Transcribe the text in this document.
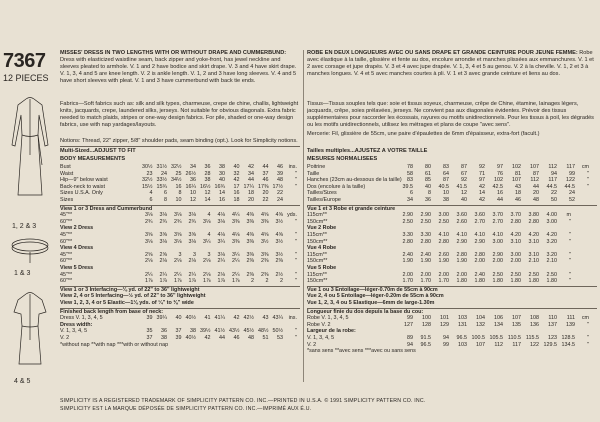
7367
12 PIECES
1, 2 & 3
1 & 3
4 & 5
MISSES' DRESS IN TWO LENGTHS WITH OR WITHOUT DRAPE AND CUMMERBUND: Dress with elasticized waistline seam, back zipper and yoke-front, has jewel neckline and sleeves pleated to armhole. V. 1 and 2 have bodice and skirt drape. V. 3 and 4 have skirt drape. V. 1, 3, 4 and 5 are knee length. V. 2 is ankle length. V. 1, 2 and 3 have long sleeves. V. 4 and 5 have short sleeves with pleat. V. 1 and 3 have cummerbund with back tie ends.
Fabrics—Soft fabrics such as: silk and silk types, charmeuse, crepe de chine, challis, lightweight knits, jacquards, crepe, laundered silks, jerseys. Not suitable for obvious diagonals. Extra fabric needed to match plaids, stripes or one-way design fabrics. For pile, shaded or one-way design fabrics, use with nap yardages/layouts.
Notions: Thread, 22" zipper, 5/8" shoulder pads, seam binding (opt.). Look for Simplicity notions.
Multi-Sized...ADJUST TO FIT
BODY MEASUREMENTS
Bust	30½ 31½ 32½ 34 36 38 40 42 44 46 ins.
Waist	23 24 25 26½ 28 30 32 34 37 39 "
Hip—9" below waist	32½ 33½ 34½ 36 38 40 42 44 46 48 "
Back-neck to waist	15½ 15¾ 16 16¼ 16½ 16¾ 17 17¼ 17⅜ 17½ "
Sizes U.S.A. Only	4 6 8 10 12 14 16 18 20 22
Sizes	6 8 10 12 14 16 18 20 22 24
View 1 or 3 Dress and Cummerbund
45"**	3⅛ 3⅛ 3⅛ 3⅛ 4 4⅛ 4¼ 4⅜ 4⅝ 4⅝ yds.
60"**	2¾ 2¾ 2¾ 2¾ 3⅛ 3⅛ 3⅜ 3⅜ 3⅜ 3½ "
View 2 Dress
45"**	3⅝ 3⅝ 3⅝ 3⅝ 4 4⅛ 4⅛ 4⅜ 4⅝ 4⅝ "
60"**	3⅛ 3⅛ 3⅛ 3⅛ 3¼ 3¼ 3⅜ 3⅜ 3½ 3½ "
View 4 Dress
45"**	2⅝ 2⅝ 3 3 3 3⅛ 3¼ 3⅜ 3⅜ 3½ "
60"**	2⅛ 2⅛ 2⅛ 2⅛ 2⅛ 2¼ 2¼ 2⅜ 2⅜ 2⅜ "
View 5 Dress
45"**	2¼ 2¼ 2¼ 2¼ 2⅛ 2⅛ 2¼ 2⅜ 2⅜ 2½ "
60"**	1⅞ 1⅞ 1⅞ 1⅞ 1⅞ 1⅞ 1⅞ 2 2 2 "
View 1 or 3 Interfacing—⅛ yd. of 22" to 36" lightweight
View 2, 4 or 5 Interfacing—½ yd. of 22" to 36" lightweight
View 1, 2, 3, 4 or 5 Elastic—1⅛ yds. of ¼" to ⅜" wide
Finished back length from base of neck:
Dress V. 1, 3, 4, 5	39 39¼ 40 40½ 41 41¼ 42 42½ 43 43¼ ins.
Dress width:
V. 1, 3, 4, 5	35 36 37 38 39½ 41½ 43½ 45½ 48½ 50½ "
V. 2	37 38 39 40½ 42 44 46 48 51 53 "
*without nap **with nap ***with or without nap
ROBE EN DEUX LONGUEURS AVEC OU SANS DRAPE ET GRANDE CEINTURE POUR JEUNE FEMME: Robe avec élastique à la taille, glissière et fente au dos, encolure arrondie et manches plissées aux emmanchures. V. 1 et 2 avec corsage et jupe drapés. V. 3 et 4 avec jupe drapée. V. 1, 3, 4 et 5 au genou. V. 2 à la cheville. V. 1, 2 et 3 à manches longues. V. 4 et 5 avec manches courtes à pli. V. 1 et 3 avec grande ceinture et liens au dos.
Tissus—Tissus souples tels que: soie et tissus soyeux, charmeuse, crêpe de Chine, étamine, lainages légers, jacquards, crêpe, soies prélavées, jerseys. Ne convient pas aux diagonales évidentes. Prévoir des tissus supplémentaires pour raccorder les écossais, rayures ou motifs unidirectionnels. Pour les tissus à poil, les dégradés ou les motifs unidirectionnels, utilisez les métrages et plans de coupe "avec sens".
Mercerie: Fil, glissière de 55cm, une paire d'épaulettes de 6mm d'épaisseur, extra-fort (facult.)
Tailles multiples...AJUSTEZ À VOTRE TAILLE
MESURES NORMALISEES
Poitrine	78 80 83 87 92 97 102 107 112 117 cm
Taille	58 61 64 67 71 76 81 87 94 99 "
Hanches (23cm au-dessous de la taille) 83 85 87 92 97 102 107 112 117 122 "
Dos (encolure à la taille)	39.5 40 40.5 41.5 42 42.5 43 44 44.5 44.5 "
Tailles/Sizes	6	8 10 12 14 16 18 20 22 24
Tailles/Europe	34 36 38 40 42 44 46 48 50 52
Vue 1 et 3 Robe et grande ceinture
115cm**	2.90 2.90 3.00 3.60 3.60 3.70 3.70 3.80 4.00 m
150cm**	2.50 2.50 2.50 2.60 2.70 2.70 2.80 2.80 3.00 "
Vue 2 Robe
115cm**	3.30 3.30 4.10 4.10 4.10 4.10 4.20 4.20 4.20 "
150cm**	2.80 2.80 2.80 2.90 2.90 3.00 3.10 3.10 3.20 "
Vue 4 Robe
115cm**	2.40 2.40 2.60 2.80 2.80 2.90 3.00 3.10 3.20 "
150cm**	1.90 1.90 1.90 1.90 2.00 2.00 2.00 2.10 2.10 "
Vue 5 Robe
115cm**	2.00 2.00 2.00 2.00 2.40 2.50 2.50 2.50 2.50 "
150cm**	1.70 1.70 1.70 1.80 1.80 1.80 1.80 1.80 1.80 "
Vue 1 ou 3 Entoilage—léger-0.70m de 55cm à 90cm
Vue 2, 4 ou 5 Entoilage—léger-0.20m de 55cm à 90cm
Vue 1, 2, 3, 4 ou 5 Elastique—6mm de large-1.30m
Longueur finie du dos depuis la base du cou:
Robe V. 1, 3, 4, 5	99 100 101 103 104 106 107 108 110 111 cm
Robe V. 2	127 128 129 131 132 134 135 136 137 139 "
Largeur de la robe:
V. 1, 3, 4, 5	89 91.5 94 96.5 100.5 105.5 110.5 115.5 123 128.5 "
V. 2	94 96.5 99 103 107 112 117 122 129.5 134.5 "
*sans sens **avec sens ***avec ou sans sens
SIMPLICITY IS A REGISTERED TRADEMARK OF SIMPLICITY PATTERN CO. INC.—PRINTED IN U.S.A. © 1991 SIMPLICITY PATTERN CO. INC.
SIMPLICITY EST LA MARQUE DÉPOSÉE DE SIMPLICITY PATTERN CO. INC.—IMPRIMÉ AUX É.U.
